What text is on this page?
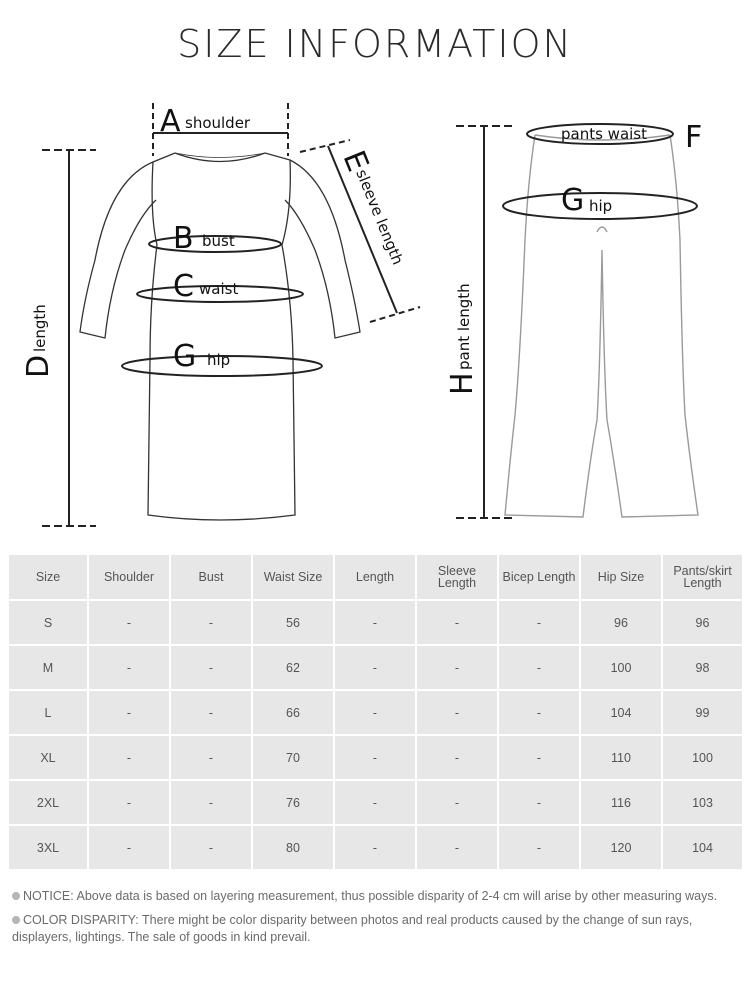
SIZE INFORMATION
A shoulder
B bust
C waist
G hip
D
length
E
sleeve length
pants waist F
G hip
H
pant length
Size	Shoulder	Bust	Waist Size	Length	Sleeve Length	Bicep Length	Hip Size	Pants/skirt Length
S	-	-	56	-	-	-	96	96
M	-	-	62	-	-	-	100	98
L	-	-	66	-	-	-	104	99
XL	-	-	70	-	-	-	110	100
2XL	-	-	76	-	-	-	116	103
3XL	-	-	80	-	-	-	120	104
NOTICE: Above data is based on layering measurement, thus possible disparity of 2-4 cm will arise by other measuring ways.
COLOR DISPARITY: There might be color disparity between photos and real products caused by the change of sun rays, displayers, lightings. The sale of goods in kind prevail.
